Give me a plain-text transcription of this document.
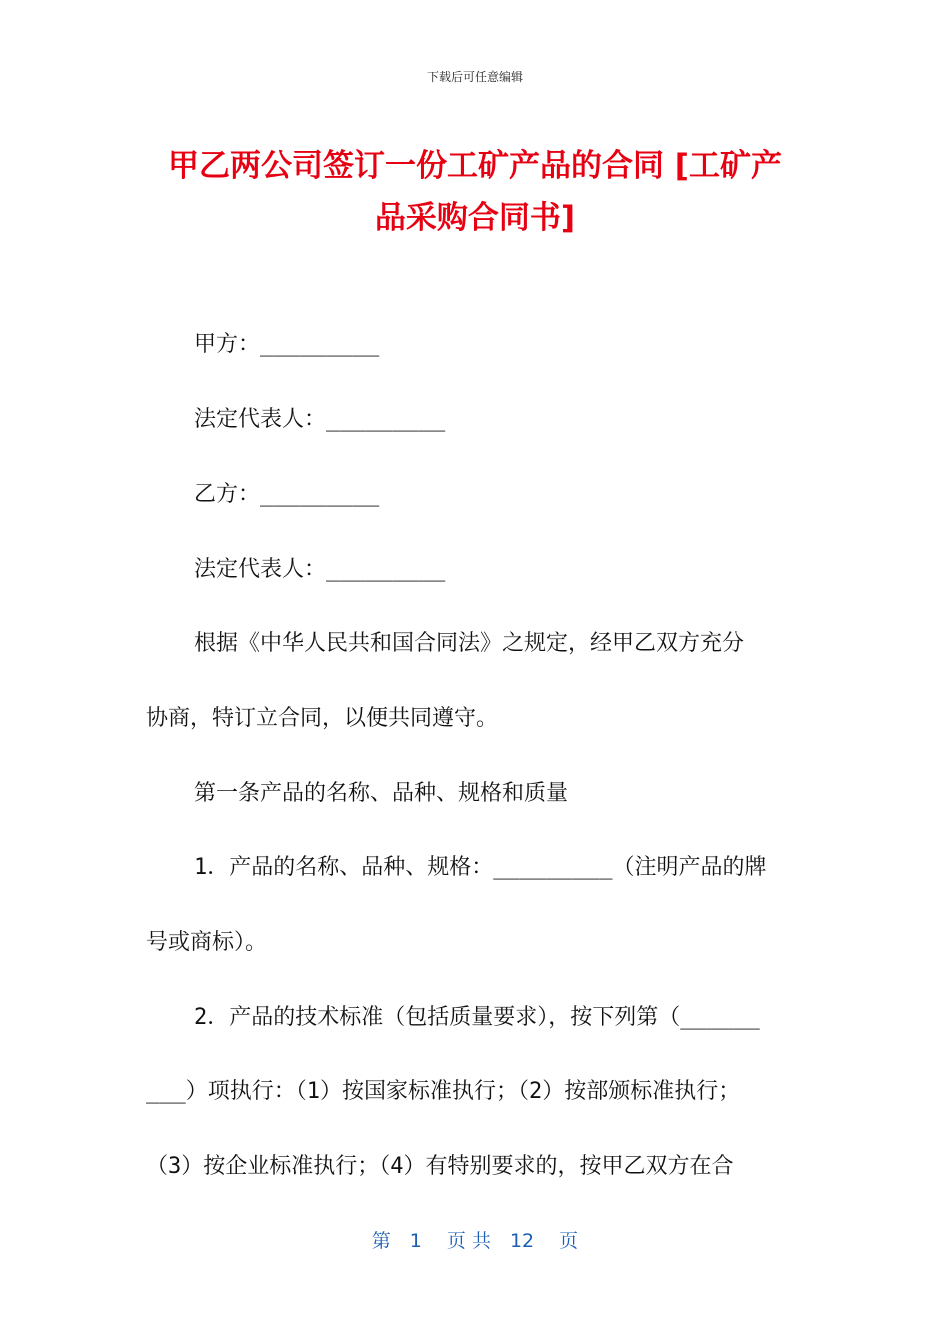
下载后可任意编辑
甲乙两公司签订一份工矿产品的合同 [工矿产
品采购合同书]
甲方：_________
法定代表人：_________
乙方：_________
法定代表人：_________
根据《中华人民共和国合同法》之规定，经甲乙双方充分
协商，特订立合同，以便共同遵守。
第一条产品的名称、品种、规格和质量
1．产品的名称、品种、规格：_________（注明产品的牌
号或商标）。
2．产品的技术标准（包括质量要求），按下列第（______
___）项执行：（1）按国家标准执行；（2）按部颁标准执行；
（3）按企业标准执行；（4）有特别要求的，按甲乙双方在合
第　1　 页 共　12　 页
